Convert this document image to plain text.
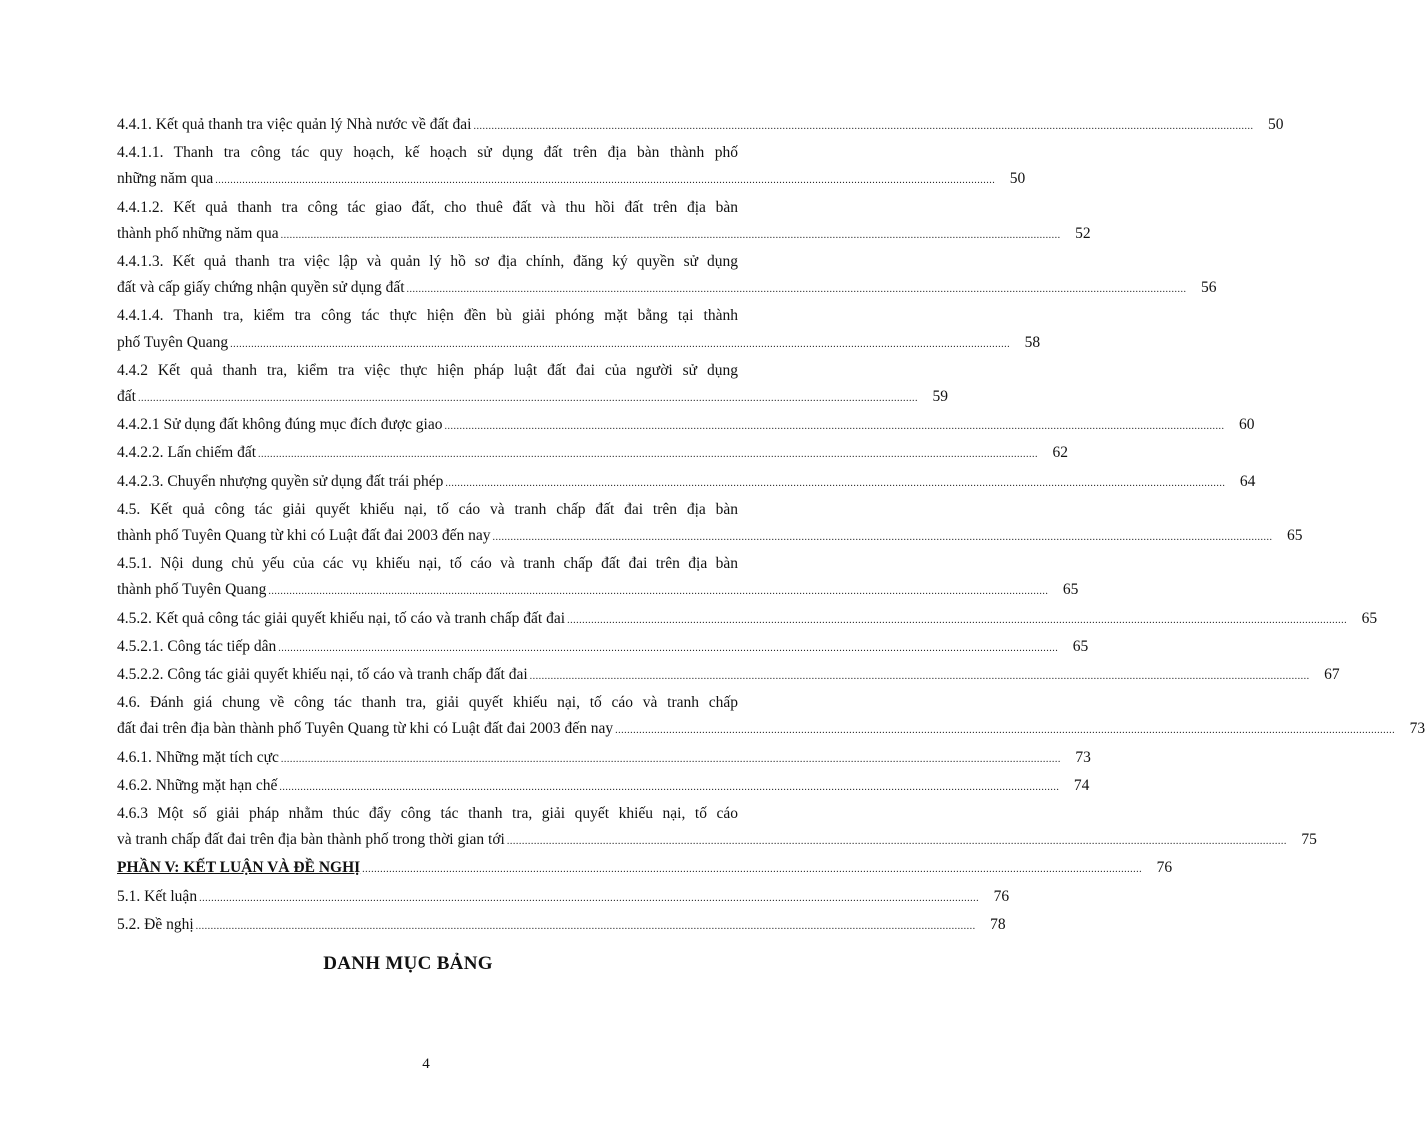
4.4.1. Kết quả thanh tra việc quản lý Nhà nước về đất đai .................................................................................................................................................................................................................................................................... 50
4.4.1.1. Thanh tra công tác quy hoạch, kế hoạch sử dụng đất trên địa bàn thành phố
những năm qua .................................................................................................................................................................................................................................................................... 50
4.4.1.2. Kết quả thanh tra công tác giao đất, cho thuê đất và thu hồi đất trên địa bàn
thành phố những năm qua .................................................................................................................................................................................................................................................................... 52
4.4.1.3. Kết quả thanh tra việc lập và quản lý hồ sơ địa chính, đăng ký quyền sử dụng
đất và cấp giấy chứng nhận quyền sử dụng đất .................................................................................................................................................................................................................................................................... 56
4.4.1.4. Thanh tra, kiểm tra công tác thực hiện đền bù giải phóng mặt bằng tại thành
phố Tuyên Quang .................................................................................................................................................................................................................................................................... 58
4.4.2 Kết quả thanh tra, kiểm tra việc thực hiện pháp luật đất đai của người sử dụng
đất .................................................................................................................................................................................................................................................................... 59
4.4.2.1 Sử dụng đất không đúng mục đích được giao .................................................................................................................................................................................................................................................................... 60
4.4.2.2. Lấn chiếm đất .................................................................................................................................................................................................................................................................... 62
4.4.2.3. Chuyển nhượng quyền sử dụng đất trái phép .................................................................................................................................................................................................................................................................... 64
4.5. Kết quả công tác giải quyết khiếu nại, tố cáo và tranh chấp đất đai trên địa bàn
thành phố Tuyên Quang từ khi có Luật đất đai 2003 đến nay .................................................................................................................................................................................................................................................................... 65
4.5.1. Nội dung chủ yếu của các vụ khiếu nại, tố cáo và tranh chấp đất đai trên địa bàn
thành phố Tuyên Quang .................................................................................................................................................................................................................................................................... 65
4.5.2. Kết quả công tác giải quyết khiếu nại, tố cáo và tranh chấp đất đai .................................................................................................................................................................................................................................................................... 65
4.5.2.1. Công tác tiếp dân .................................................................................................................................................................................................................................................................... 65
4.5.2.2. Công tác giải quyết khiếu nại, tố cáo và tranh chấp đất đai .................................................................................................................................................................................................................................................................... 67
4.6. Đánh giá chung về công tác thanh tra, giải quyết khiếu nại, tố cáo và tranh chấp
đất đai trên địa bàn thành phố Tuyên Quang từ khi có Luật đất đai 2003 đến nay .................................................................................................................................................................................................................................................................... 73
4.6.1. Những mặt tích cực .................................................................................................................................................................................................................................................................... 73
4.6.2. Những mặt hạn chế .................................................................................................................................................................................................................................................................... 74
4.6.3 Một số giải pháp nhằm thúc đẩy công tác thanh tra, giải quyết khiếu nại, tố cáo
và tranh chấp đất đai trên địa bàn thành phố trong thời gian tới .................................................................................................................................................................................................................................................................... 75
PHẦN V: KẾT LUẬN VÀ ĐỀ NGHỊ .................................................................................................................................................................................................................................................................... 76
5.1. Kết luận .................................................................................................................................................................................................................................................................... 76
5.2. Đề nghị .................................................................................................................................................................................................................................................................... 78
DANH MỤC BẢNG
4
